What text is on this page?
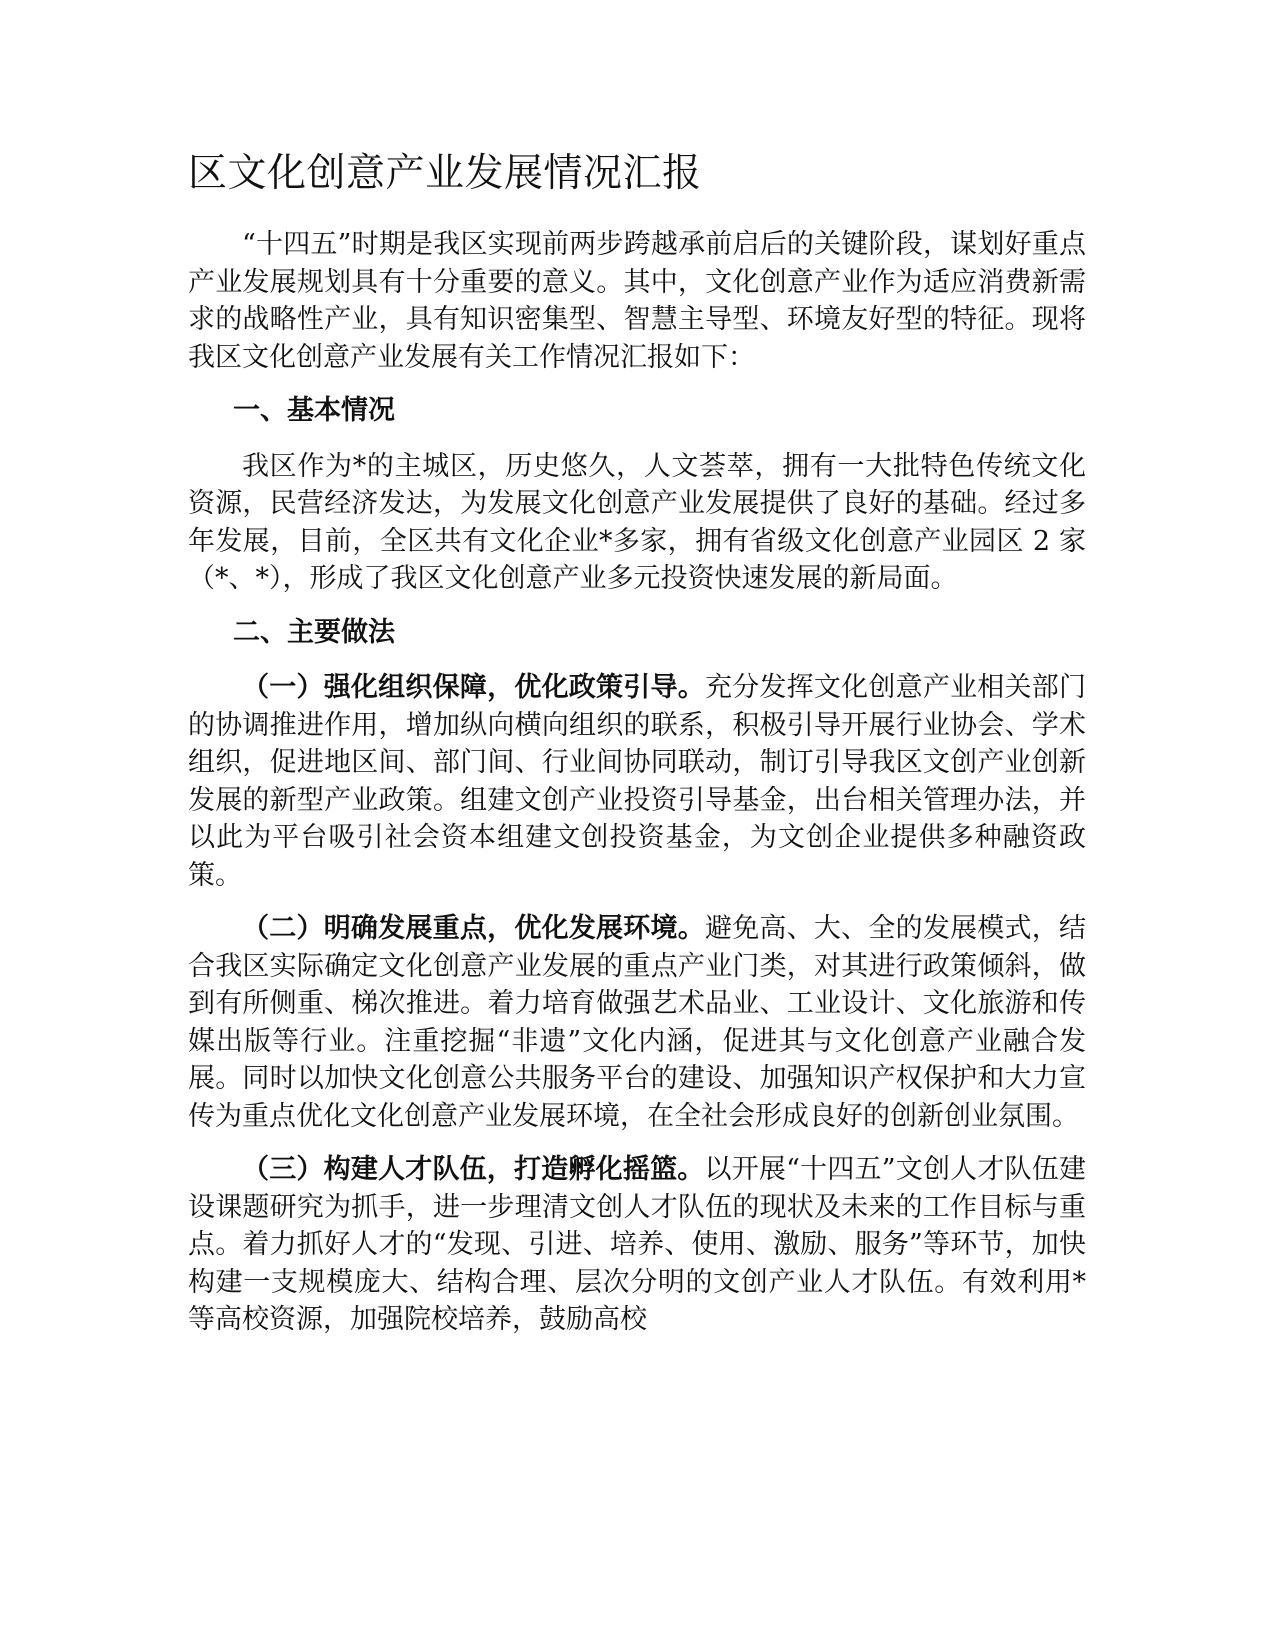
区文化创意产业发展情况汇报

“十四五”时期是我区实现前两步跨越承前启后的关键阶段，谋划好重点产业发展规划具有十分重要的意义。其中，文化创意产业作为适应消费新需求的战略性产业，具有知识密集型、智慧主导型、环境友好型的特征。现将我区文化创意产业发展有关工作情况汇报如下：

一、基本情况

我区作为*的主城区，历史悠久，人文荟萃，拥有一大批特色传统文化资源，民营经济发达，为发展文化创意产业发展提供了良好的基础。经过多年发展，目前，全区共有文化企业*多家，拥有省级文化创意产业园区 2 家（*、*），形成了我区文化创意产业多元投资快速发展的新局面。

二、主要做法

（一）强化组织保障，优化政策引导。充分发挥文化创意产业相关部门的协调推进作用，增加纵向横向组织的联系，积极引导开展行业协会、学术组织，促进地区间、部门间、行业间协同联动，制订引导我区文创产业创新发展的新型产业政策。组建文创产业投资引导基金，出台相关管理办法，并以此为平台吸引社会资本组建文创投资基金，为文创企业提供多种融资政策。

（二）明确发展重点，优化发展环境。避免高、大、全的发展模式，结合我区实际确定文化创意产业发展的重点产业门类，对其进行政策倾斜，做到有所侧重、梯次推进。着力培育做强艺术品业、工业设计、文化旅游和传媒出版等行业。注重挖掘“非遗”文化内涵，促进其与文化创意产业融合发展。同时以加快文化创意公共服务平台的建设、加强知识产权保护和大力宣传为重点优化文化创意产业发展环境，在全社会形成良好的创新创业氛围。

（三）构建人才队伍，打造孵化摇篮。以开展“十四五”文创人才队伍建设课题研究为抓手，进一步理清文创人才队伍的现状及未来的工作目标与重点。着力抓好人才的“发现、引进、培养、使用、激励、服务”等环节，加快构建一支规模庞大、结构合理、层次分明的文创产业人才队伍。有效利用*等高校资源，加强院校培养，鼓励高校
